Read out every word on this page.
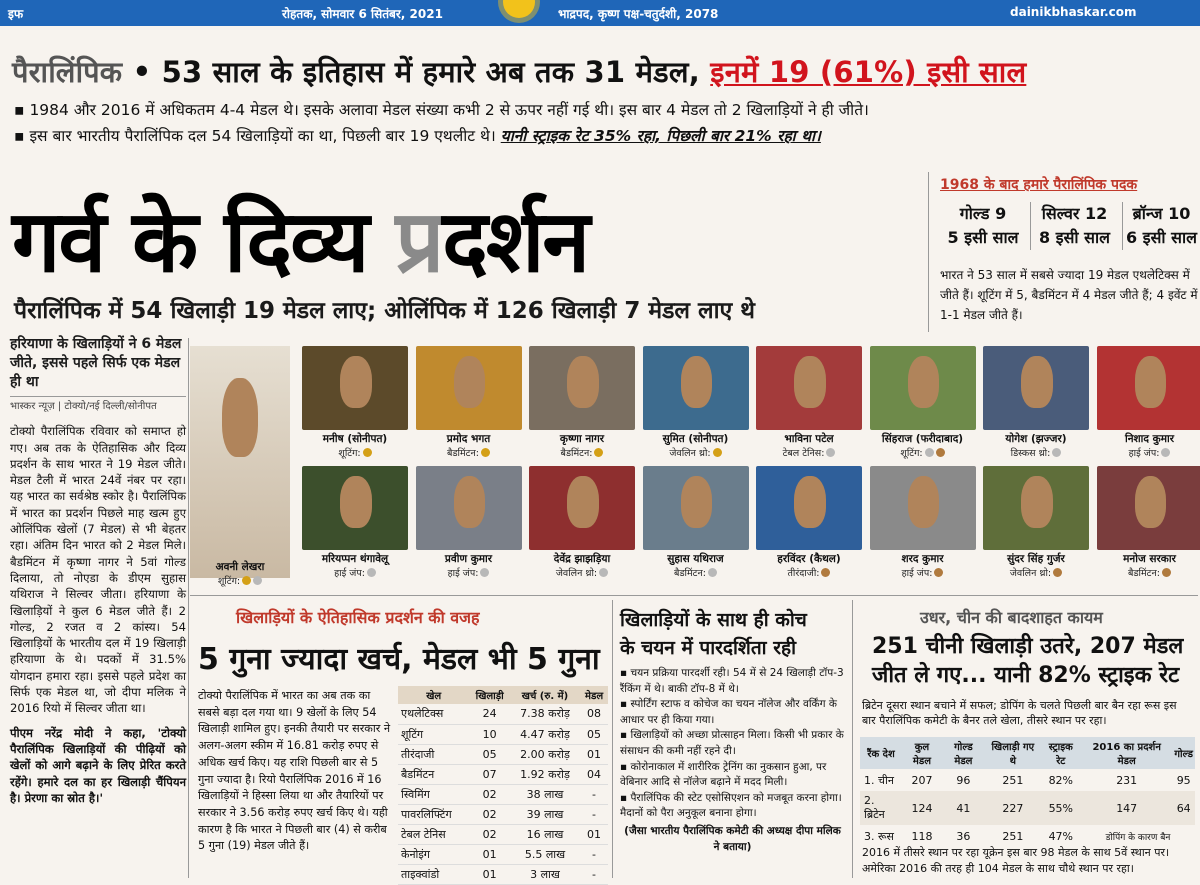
इफ	रोहतक, सोमवार 6 सितंबर, 2021	भाद्रपद, कृष्ण पक्ष-चतुर्दशी, 2078	dainikbhaskar.com
पैरालिंपिक • 53 साल के इतिहास में हमारे अब तक 31 मेडल, इनमें 19 (61%) इसी साल
▪ 1984 और 2016 में अधिकतम 4-4 मेडल थे। इसके अलावा मेडल संख्या कभी 2 से ऊपर नहीं गई थी। इस बार 4 मेडल तो 2 खिलाड़ियों ने ही जीते।
▪ इस बार भारतीय पैरालिंपिक दल 54 खिलाड़ियों का था, पिछली बार 19 एथलीट थे। यानी स्ट्राइक रेट 35% रहा, पिछली बार 21% रहा था।
गर्व के दिव्य प्रदर्शन
पैरालिंपिक में 54 खिलाड़ी 19 मेडल लाए; ओलिंपिक में 126 खिलाड़ी 7 मेडल लाए थे
1968 के बाद हमारे पैरालिंपिक पदक
गोल्ड 9
5 इसी साल
सिल्वर 12
8 इसी साल
ब्रॉन्ज 10
6 इसी साल
भारत ने 53 साल में सबसे ज्यादा 19 मेडल एथलेटिक्स में जीते हैं। शूटिंग में 5, बैडमिंटन में 4 मेडल जीते हैं; 4 इवेंट में 1-1 मेडल जीते हैं।
हरियाणा के खिलाड़ियों ने 6 मेडल जीते, इससे पहले सिर्फ एक मेडल ही था
भास्कर न्यूज़ | टोक्यो/नई दिल्ली/सोनीपत
टोक्यो पैरालिंपिक रविवार को समाप्त हो गए। अब तक के ऐतिहासिक और दिव्य प्रदर्शन के साथ भारत ने 19 मेडल जीते। मेडल टैली में भारत 24वें नंबर पर रहा। यह भारत का सर्वश्रेष्ठ स्कोर है। पैरालिंपिक में भारत का प्रदर्शन पिछले माह खत्म हुए ओलिंपिक खेलों (7 मेडल) से भी बेहतर रहा। अंतिम दिन भारत को 2 मेडल मिले। बैडमिंटन में कृष्णा नागर ने 5वां गोल्ड दिलाया, तो नोएडा के डीएम सुहास यथिराज ने सिल्वर जीता। हरियाणा के खिलाड़ियों ने कुल 6 मेडल जीते हैं। 2 गोल्ड, 2 रजत व 2 कांस्य। 54 खिलाड़ियों के भारतीय दल में 19 खिलाड़ी हरियाणा के थे। पदकों में 31.5% योगदान हमारा रहा। इससे पहले प्रदेश का सिर्फ एक मेडल था, जो दीपा मलिक ने 2016 रियो में सिल्वर जीता था।
पीएम नरेंद्र मोदी ने कहा, 'टोक्यो पैरालिंपिक खिलाड़ियों की पीढ़ियों को खेलों को आगे बढ़ाने के लिए प्रेरित करते रहेंगे। हमारे दल का हर खिलाड़ी चैंपियन है। प्रेरणा का स्रोत है।'
अवनी लेखरा
शूटिंग:
मनीष (सोनीपत)
शूटिंग:
प्रमोद भगत
बैडमिंटन:
कृष्णा नागर
बैडमिंटन:
सुमित (सोनीपत)
जेवलिन थ्रो:
भाविना पटेल
टेबल टेनिस:
सिंहराज (फरीदाबाद)
शूटिंग:
योगेश (झज्जर)
डिस्कस थ्रो:
निशाद कुमार
हाई जंप:
मरियप्पन थंगावेलू
हाई जंप:
प्रवीण कुमार
हाई जंप:
देवेंद्र झाझड़िया
जेवलिन थ्रो:
सुहास यथिराज
बैडमिंटन:
हरविंदर (कैथल)
तीरंदाजी:
शरद कुमार
हाई जंप:
सुंदर सिंह गुर्जर
जेवलिन थ्रो:
मनोज सरकार
बैडमिंटन:
खिलाड़ियों के ऐतिहासिक प्रदर्शन की वजह
5 गुना ज्यादा खर्च, मेडल भी 5 गुना
टोक्यो पैरालिंपिक में भारत का अब तक का सबसे बड़ा दल गया था। 9 खेलों के लिए 54 खिलाड़ी शामिल हुए। इनकी तैयारी पर सरकार ने अलग-अलग स्कीम में 16.81 करोड़ रुपए से अधिक खर्च किए। यह राशि पिछली बार से 5 गुना ज्यादा है। रियो पैरालिंपिक 2016 में 16 खिलाड़ियों ने हिस्सा लिया था और तैयारियों पर सरकार ने 3.56 करोड़ रुपए खर्च किए थे। यही कारण है कि भारत ने पिछली बार (4) से करीब 5 गुना (19) मेडल जीते हैं।
खेल	खिलाड़ी	खर्च (रु. में)	मेडल
एथलेटिक्स	24	7.38 करोड़	08
शूटिंग	10	4.47 करोड़	05
तीरंदाजी	05	2.00 करोड़	01
बैडमिंटन	07	1.92 करोड़	04
स्विमिंग	02	38 लाख	-
पावरलिफ्टिंग	02	39 लाख	-
टेबल टेनिस	02	16 लाख	01
केनोइंग	01	5.5 लाख	-
ताइक्वांडो	01	3 लाख	-
खिलाड़ियों के साथ ही कोच
के चयन में पारदर्शिता रही
▪ चयन प्रक्रिया पारदर्शी रही। 54 में से 24 खिलाड़ी टॉप-3 रैंकिंग में थे। बाकी टॉप-8 में थे।
▪ स्पोर्टिंग स्टाफ व कोचेज का चयन नॉलेज और वर्किंग के आधार पर ही किया गया।
▪ खिलाड़ियों को अच्छा प्रोत्साहन मिला। किसी भी प्रकार के संसाधन की कमी नहीं रहने दी।
▪ कोरोनाकाल में शारीरिक ट्रेनिंग का नुकसान हुआ, पर वेबिनार आदि से नॉलेज बढ़ाने में मदद मिली।
▪ पैरालिंपिक की स्टेट एसोसिएशन को मजबूत करना होगा। मैदानों को पैरा अनुकूल बनाना होगा।
(जैसा भारतीय पैरालिंपिक कमेटी की अध्यक्ष दीपा मलिक ने बताया)
उधर, चीन की बादशाहत कायम
251 चीनी खिलाड़ी उतरे, 207 मेडल
जीत ले गए... यानी 82% स्ट्राइक रेट
ब्रिटेन दूसरा स्थान बचाने में सफल; डोपिंग के चलते पिछली बार बैन रहा रूस इस बार पैरालिंपिक कमेटी के बैनर तले खेला, तीसरे स्थान पर रहा।
रैंक देश	कुल मेडल	गोल्ड मेडल	खिलाड़ी गए थे	स्ट्राइक रेट	2016 का प्रदर्शन मेडल	गोल्ड
1. चीन	207	96	251	82%	231	95
2. ब्रिटेन	124	41	227	55%	147	64
3. रूस	118	36	251	47%	डोपिंग के कारण बैन	
2016 में तीसरे स्थान पर रहा यूक्रेन इस बार 98 मेडल के साथ 5वें स्थान पर। अमेरिका 2016 की तरह ही 104 मेडल के साथ चौथे स्थान पर रहा।
